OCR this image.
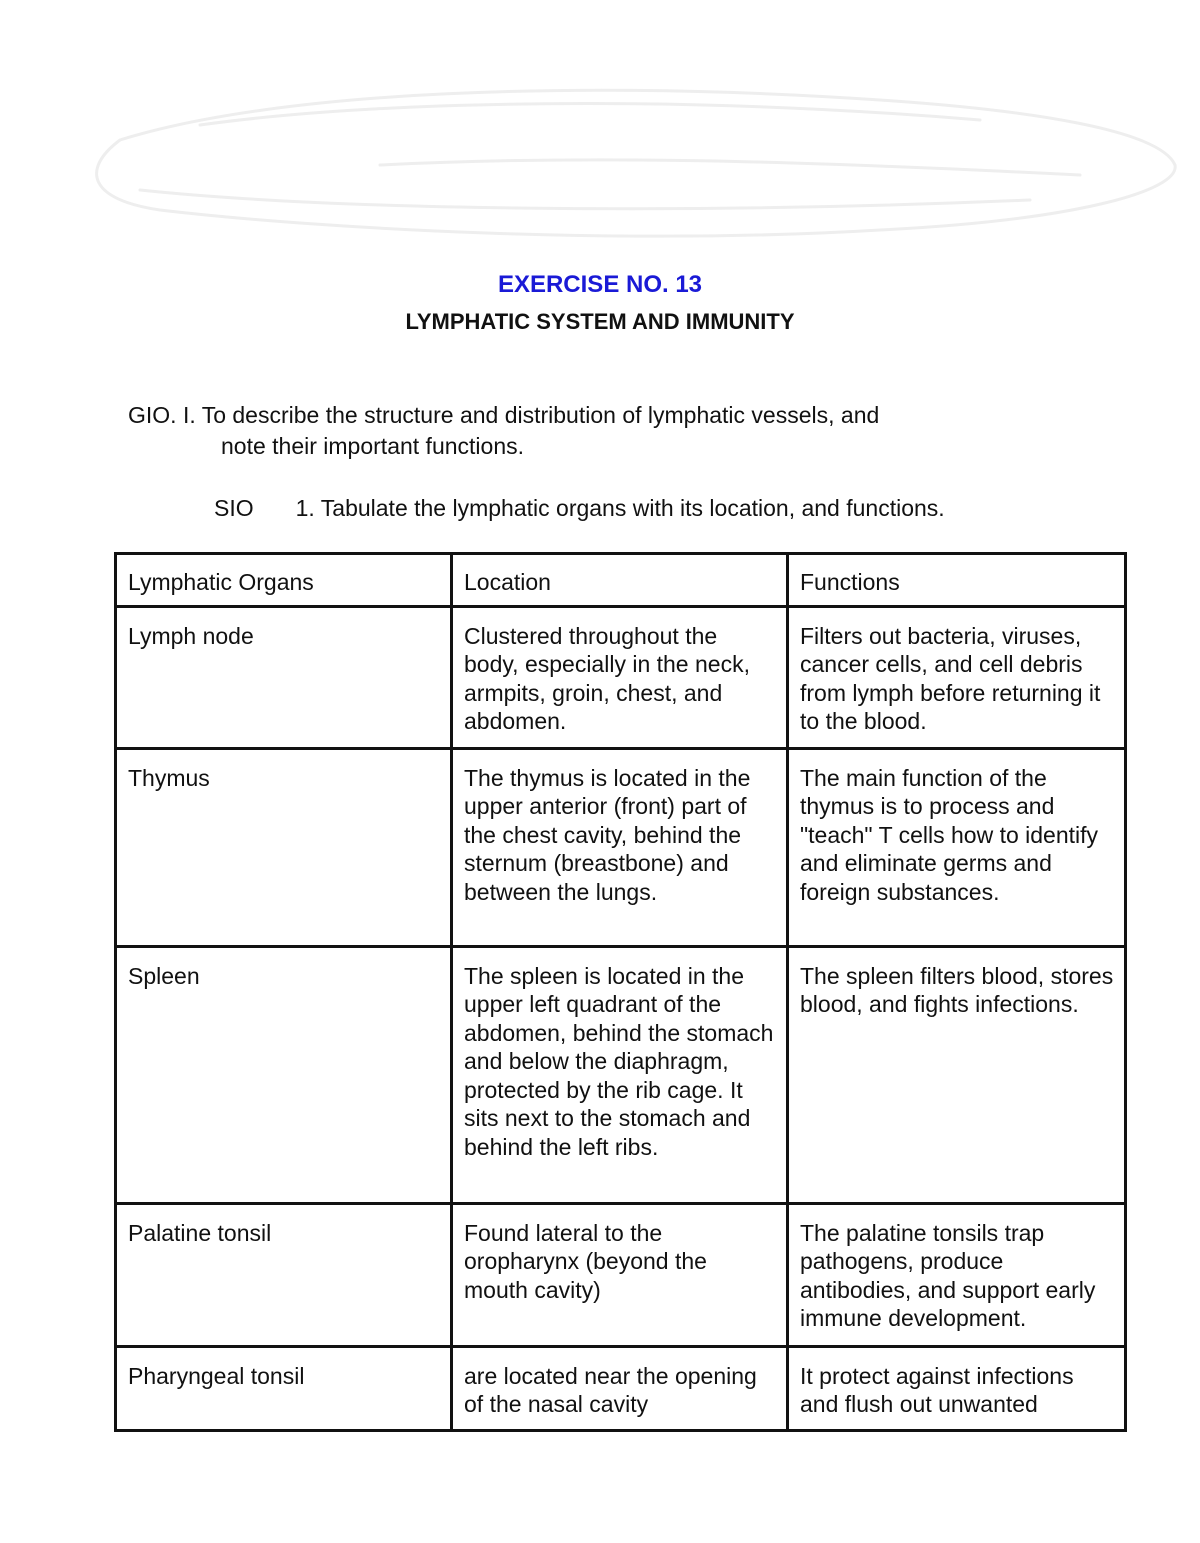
EXERCISE NO. 13
LYMPHATIC SYSTEM AND IMMUNITY

GIO. I. To describe the structure and distribution of lymphatic vessels, and
note their important functions.

SIO 1. Tabulate the lymphatic organs with its location, and functions.
Lymphatic Organs	Location	Functions
Lymph node	Clustered throughout the body, especially in the neck, armpits, groin, chest, and abdomen.	Filters out bacteria, viruses, cancer cells, and cell debris from lymph before returning it to the blood.
Thymus	The thymus is located in the upper anterior (front) part of the chest cavity, behind the sternum (breastbone) and between the lungs.	The main function of the thymus is to process and "teach" T cells how to identify and eliminate germs and foreign substances.
Spleen	The spleen is located in the upper left quadrant of the abdomen, behind the stomach and below the diaphragm, protected by the rib cage. It sits next to the stomach and behind the left ribs.	The spleen filters blood, stores blood, and fights infections.
Palatine tonsil	Found lateral to the oropharynx (beyond the mouth cavity)	The palatine tonsils trap pathogens, produce antibodies, and support early immune development.
Pharyngeal tonsil	are located near the opening of the nasal cavity	It protect against infections and flush out unwanted
